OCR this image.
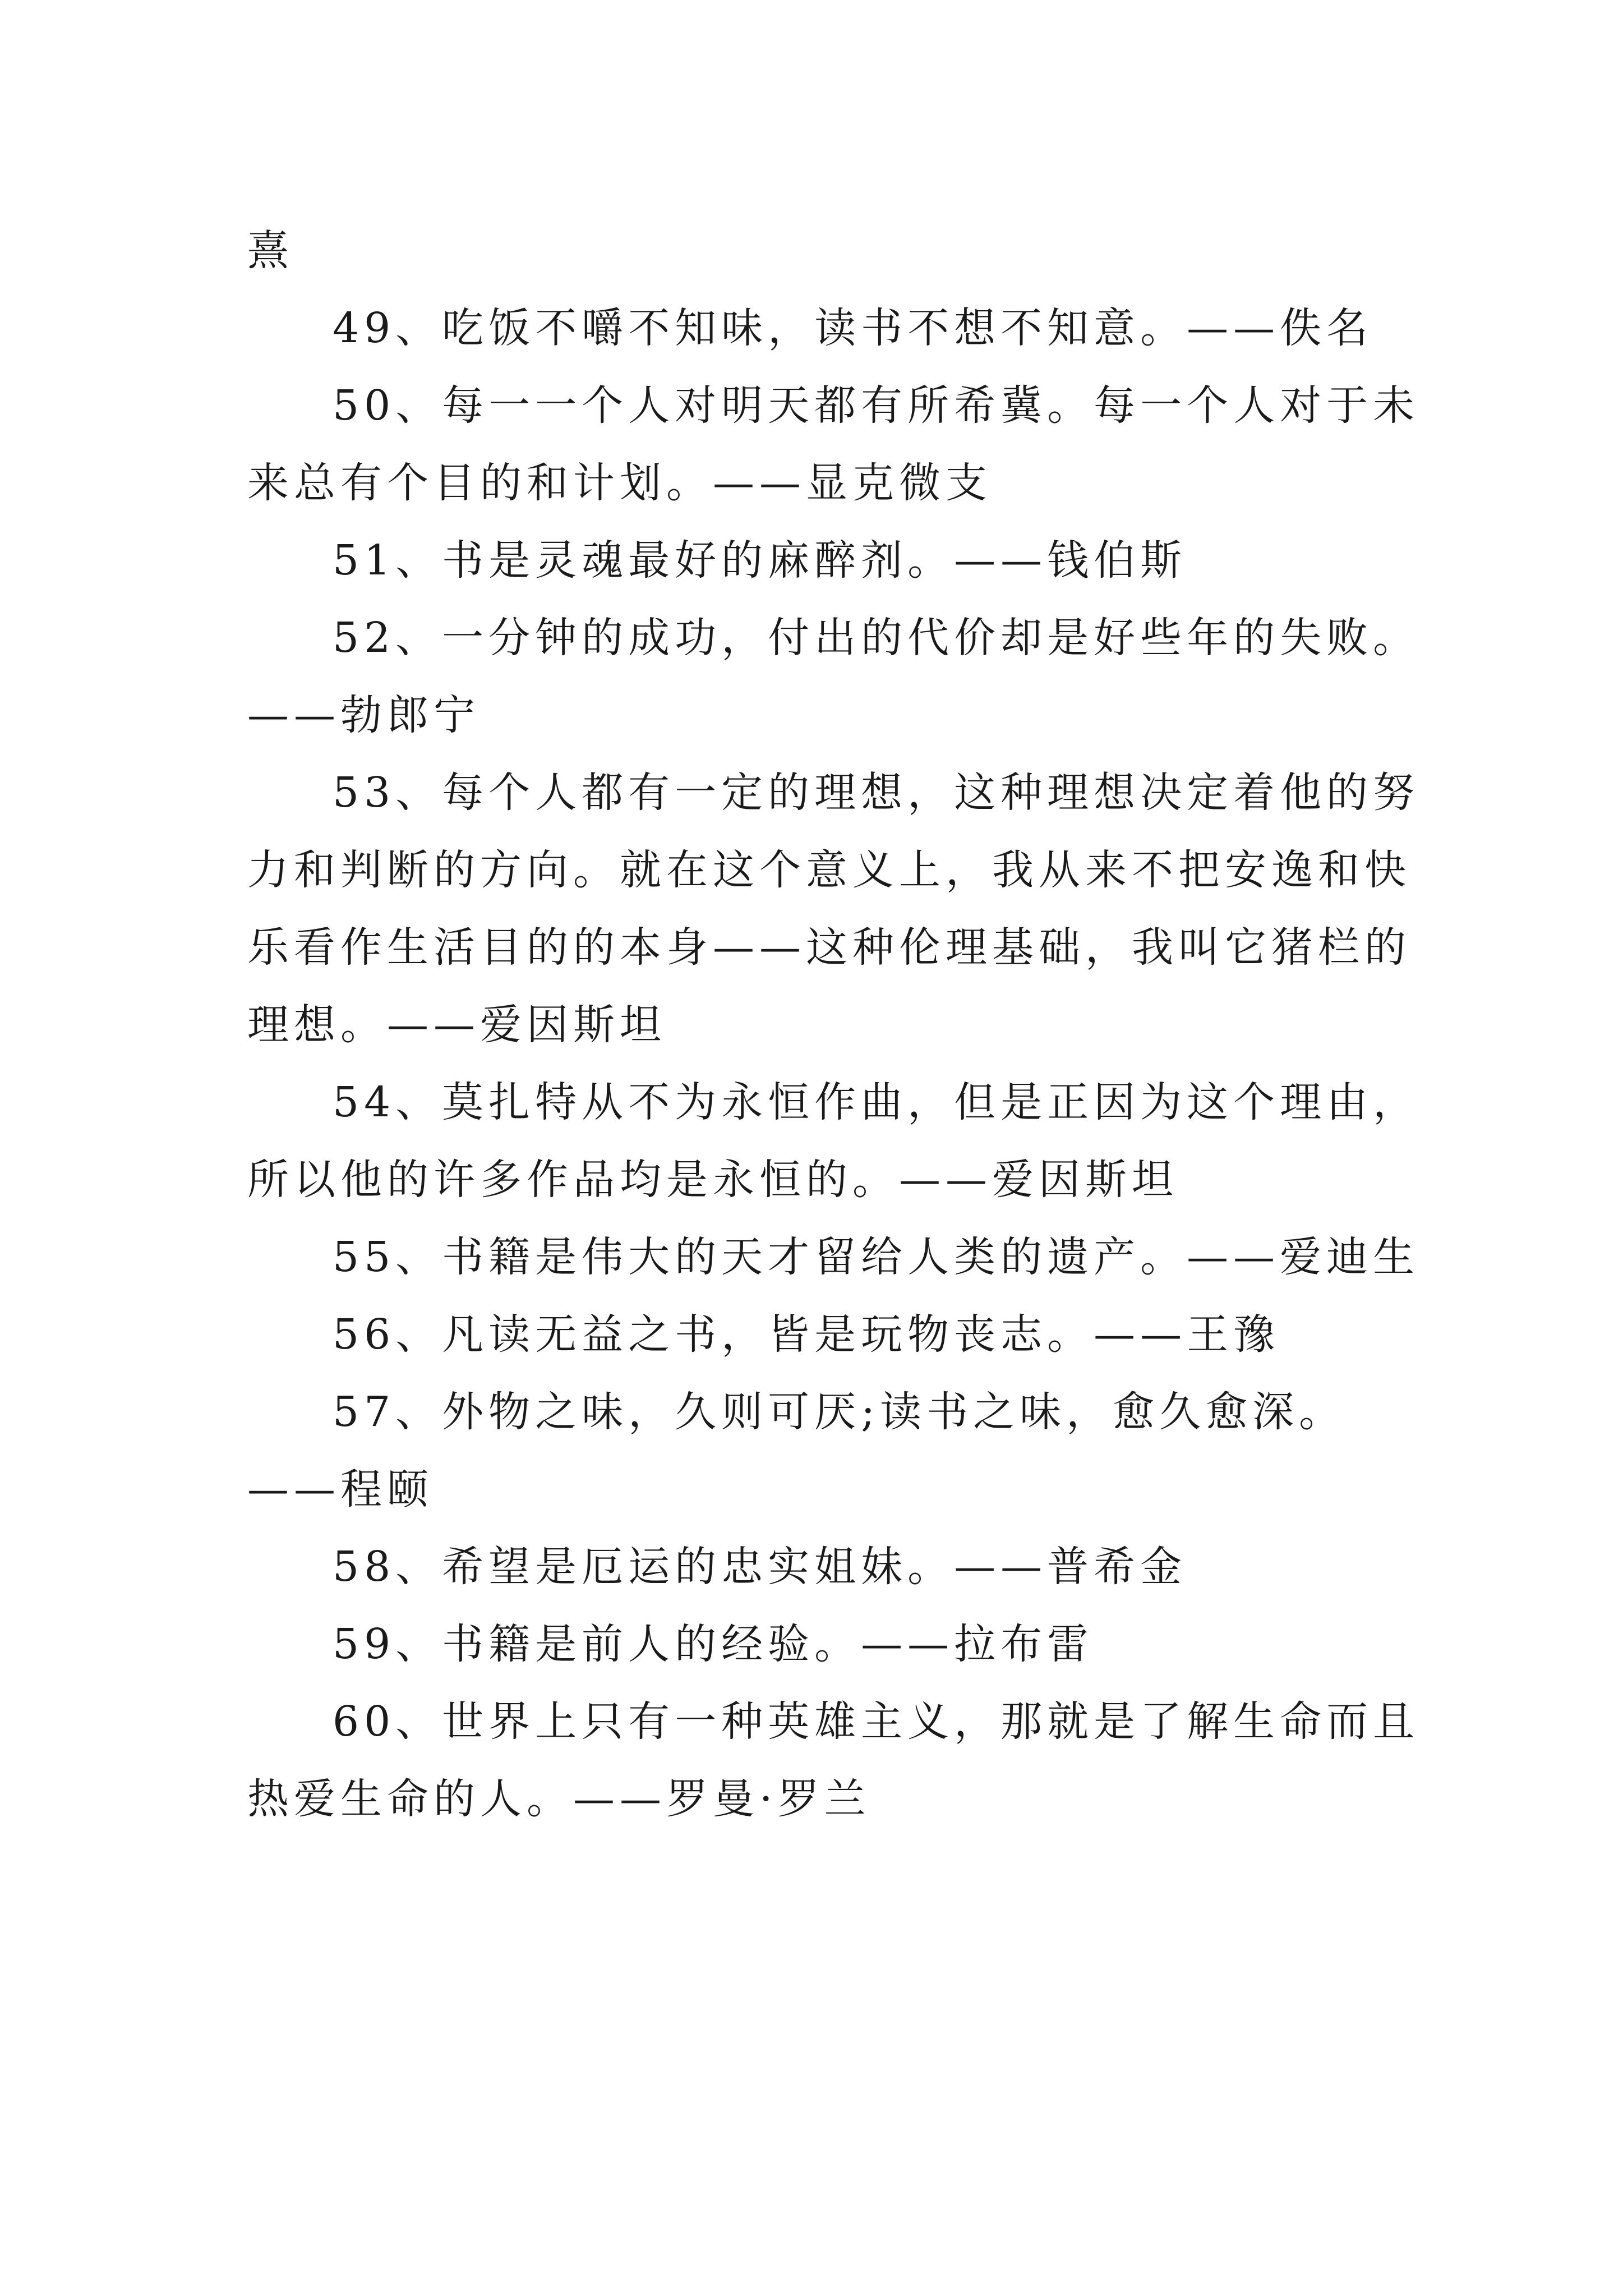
熹

49、吃饭不嚼不知味，读书不想不知意。——佚名

50、每一一个人对明天都有所希冀。每一个人对于未来总有个目的和计划。——显克微支

51、书是灵魂最好的麻醉剂。——钱伯斯

52、一分钟的成功，付出的代价却是好些年的失败。——勃郎宁

53、每个人都有一定的理想，这种理想决定着他的努力和判断的方向。就在这个意义上，我从来不把安逸和快乐看作生活目的的本身——这种伦理基础，我叫它猪栏的理想。——爱因斯坦

54、莫扎特从不为永恒作曲，但是正因为这个理由，所以他的许多作品均是永恒的。——爱因斯坦

55、书籍是伟大的天才留给人类的遗产。——爱迪生

56、凡读无益之书，皆是玩物丧志。——王豫

57、外物之味，久则可厌;读书之味，愈久愈深。——程颐

58、希望是厄运的忠实姐妹。——普希金

59、书籍是前人的经验。——拉布雷

60、世界上只有一种英雄主义，那就是了解生命而且热爱生命的人。——罗曼·罗兰
